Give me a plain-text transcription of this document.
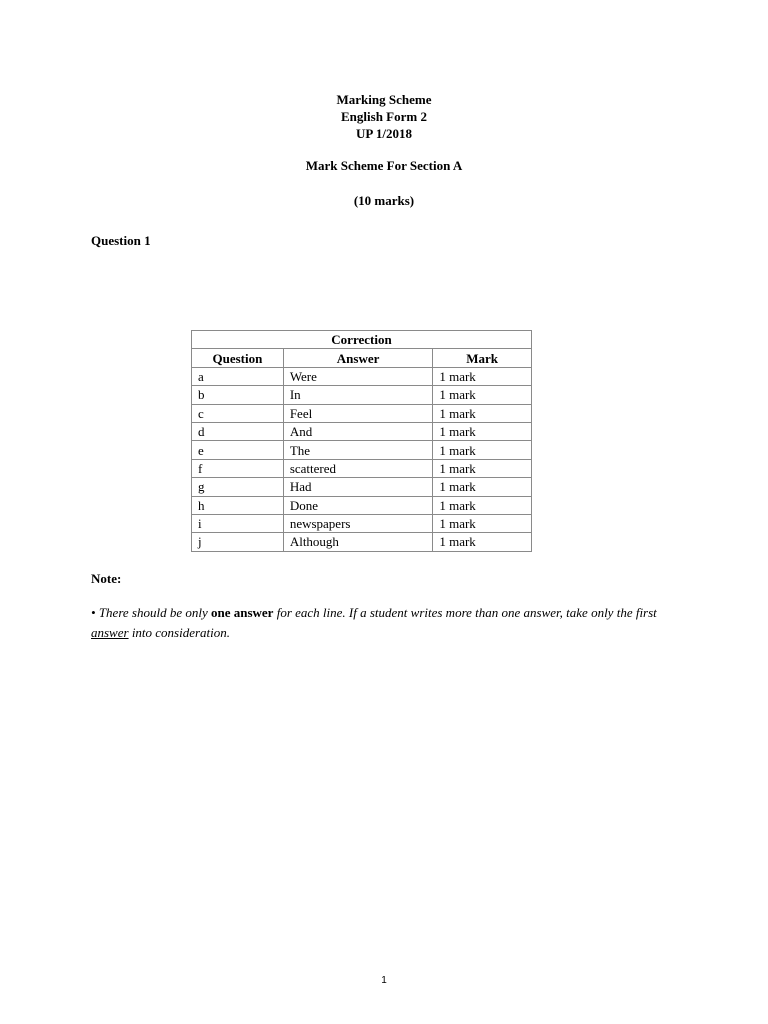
Marking Scheme
English Form 2
UP 1/2018
Mark Scheme For Section A
(10 marks)
Question 1
Correction		
Question	Answer	Mark
a	Were	1 mark
b	In	1 mark
c	Feel	1 mark
d	And	1 mark
e	The	1 mark
f	scattered	1 mark
g	Had	1 mark
h	Done	1 mark
i	newspapers	1 mark
j	Although	1 mark
Note:
• There should be only one answer for each line. If a student writes more than one answer, take only the first answer into consideration.
1
